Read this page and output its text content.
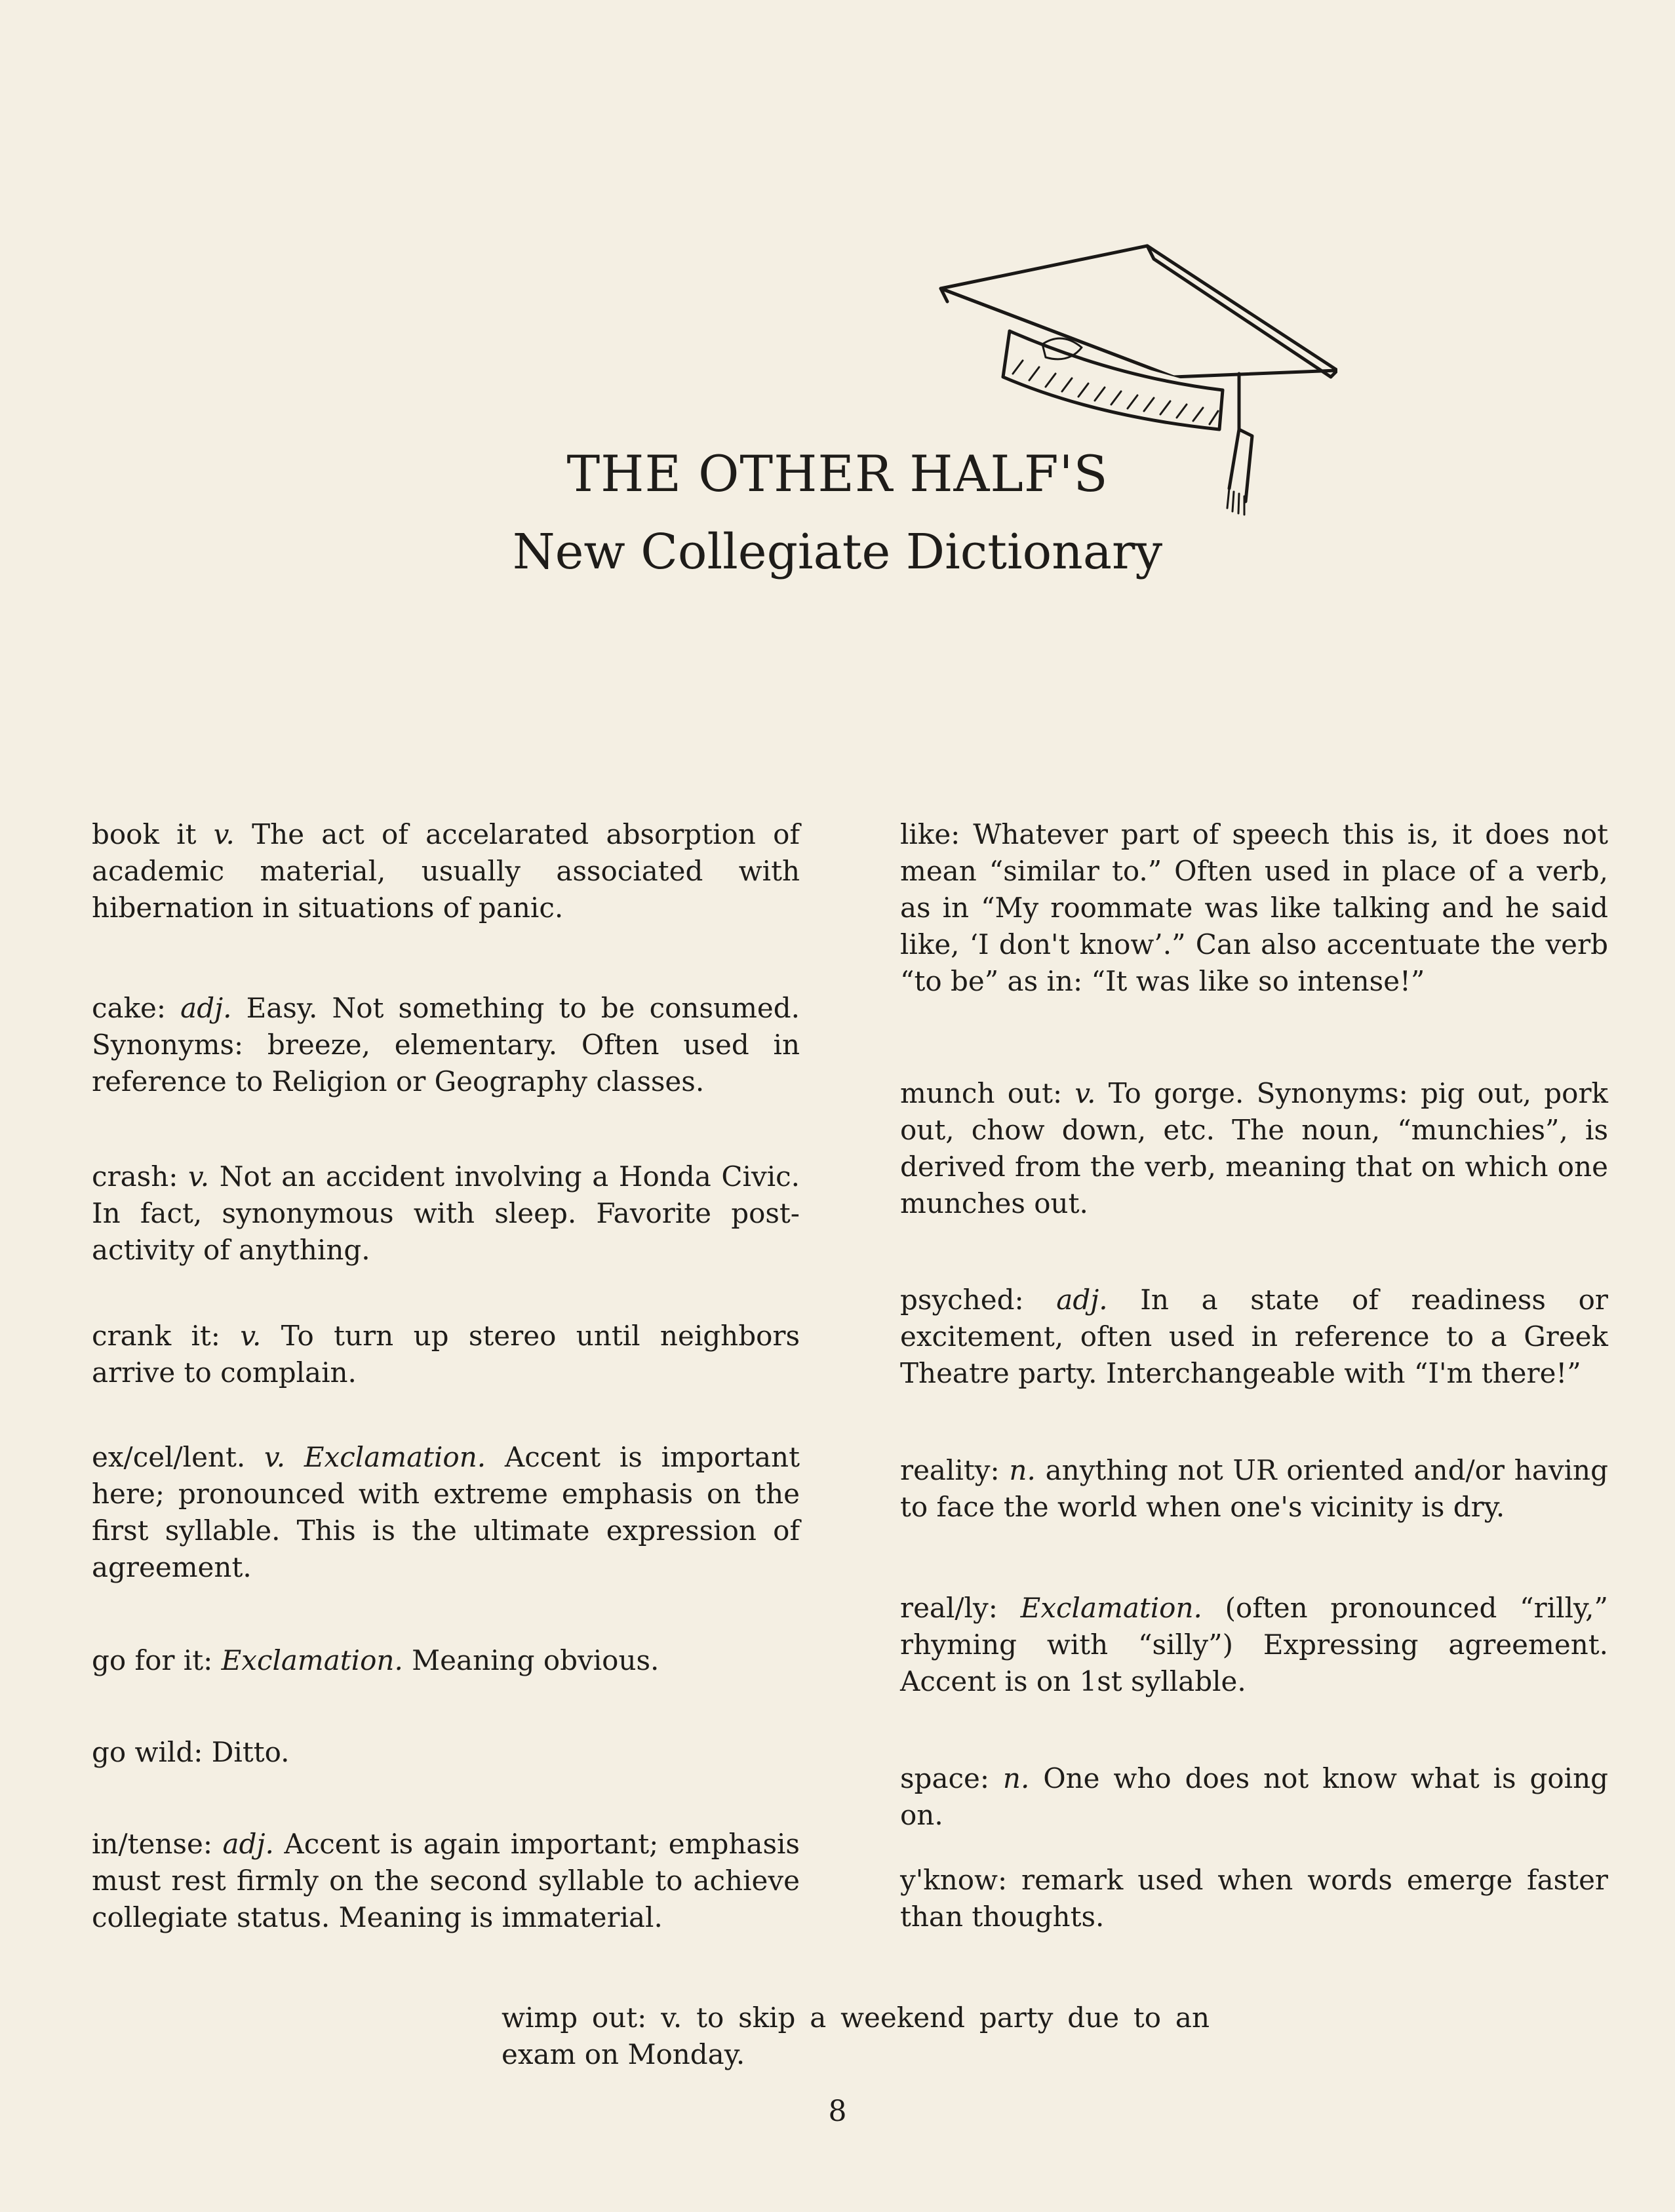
THE OTHER HALF'S
New Collegiate Dictionary
book it v. The act of accelarated absorption of academic material, usually associated with hibernation in situations of panic.
cake: adj. Easy. Not something to be consumed. Synonyms: breeze, elementary. Often used in reference to Religion or Geography classes.
crash: v. Not an accident involving a Honda Civic. In fact, synonymous with sleep. Favorite post-activity of anything.
crank it: v. To turn up stereo until neighbors arrive to complain.
ex/cel/lent. v. Exclamation. Accent is important here; pronounced with extreme emphasis on the first syllable. This is the ultimate expression of agreement.
go for it: Exclamation. Meaning obvious.
go wild: Ditto.
in/tense: adj. Accent is again important; emphasis must rest firmly on the second syllable to achieve collegiate status. Meaning is immaterial.
like: Whatever part of speech this is, it does not mean “similar to.” Often used in place of a verb, as in “My roommate was like talking and he said like, ‘I don't know’.” Can also accentuate the verb “to be” as in: “It was like so intense!”
munch out: v. To gorge. Synonyms: pig out, pork out, chow down, etc. The noun, “munchies”, is derived from the verb, meaning that on which one munches out.
psyched: adj. In a state of readiness or excitement, often used in reference to a Greek Theatre party. Interchangeable with “I'm there!”
reality: n. anything not UR oriented and/or having to face the world when one's vicinity is dry.
real/ly: Exclamation. (often pronounced “rilly,” rhyming with “silly”) Expressing agreement. Accent is on 1st syllable.
space: n. One who does not know what is going on.
y'know: remark used when words emerge faster than thoughts.
wimp out: v. to skip a weekend party due to an exam on Monday.
8
